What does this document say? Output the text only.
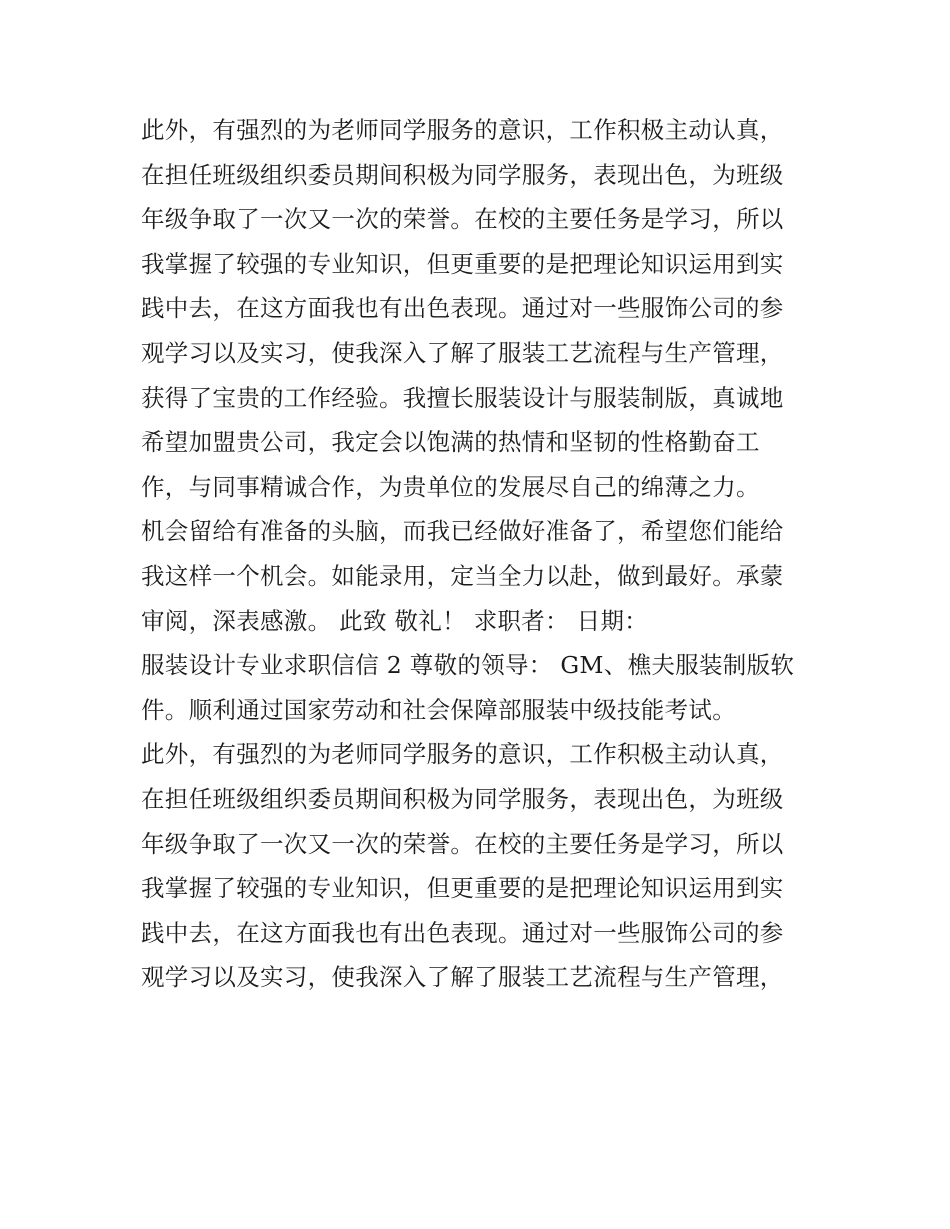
此外，有强烈的为老师同学服务的意识，工作积极主动认真，
在担任班级组织委员期间积极为同学服务，表现出色，为班级
年级争取了一次又一次的荣誉。在校的主要任务是学习，所以
我掌握了较强的专业知识，但更重要的是把理论知识运用到实
践中去，在这方面我也有出色表现。通过对一些服饰公司的参
观学习以及实习，使我深入了解了服装工艺流程与生产管理，
获得了宝贵的工作经验。我擅长服装设计与服装制版，真诚地
希望加盟贵公司，我定会以饱满的热情和坚韧的性格勤奋工
作，与同事精诚合作，为贵单位的发展尽自己的绵薄之力。
机会留给有准备的头脑，而我已经做好准备了，希望您们能给
我这样一个机会。如能录用，定当全力以赴，做到最好。承蒙
审阅，深表感激。 此致 敬礼！ 求职者： 日期：
服装设计专业求职信信 2 尊敬的领导： GM、樵夫服装制版软
件。顺利通过国家劳动和社会保障部服装中级技能考试。
此外，有强烈的为老师同学服务的意识，工作积极主动认真，
在担任班级组织委员期间积极为同学服务，表现出色，为班级
年级争取了一次又一次的荣誉。在校的主要任务是学习，所以
我掌握了较强的专业知识，但更重要的是把理论知识运用到实
践中去，在这方面我也有出色表现。通过对一些服饰公司的参
观学习以及实习，使我深入了解了服装工艺流程与生产管理，
